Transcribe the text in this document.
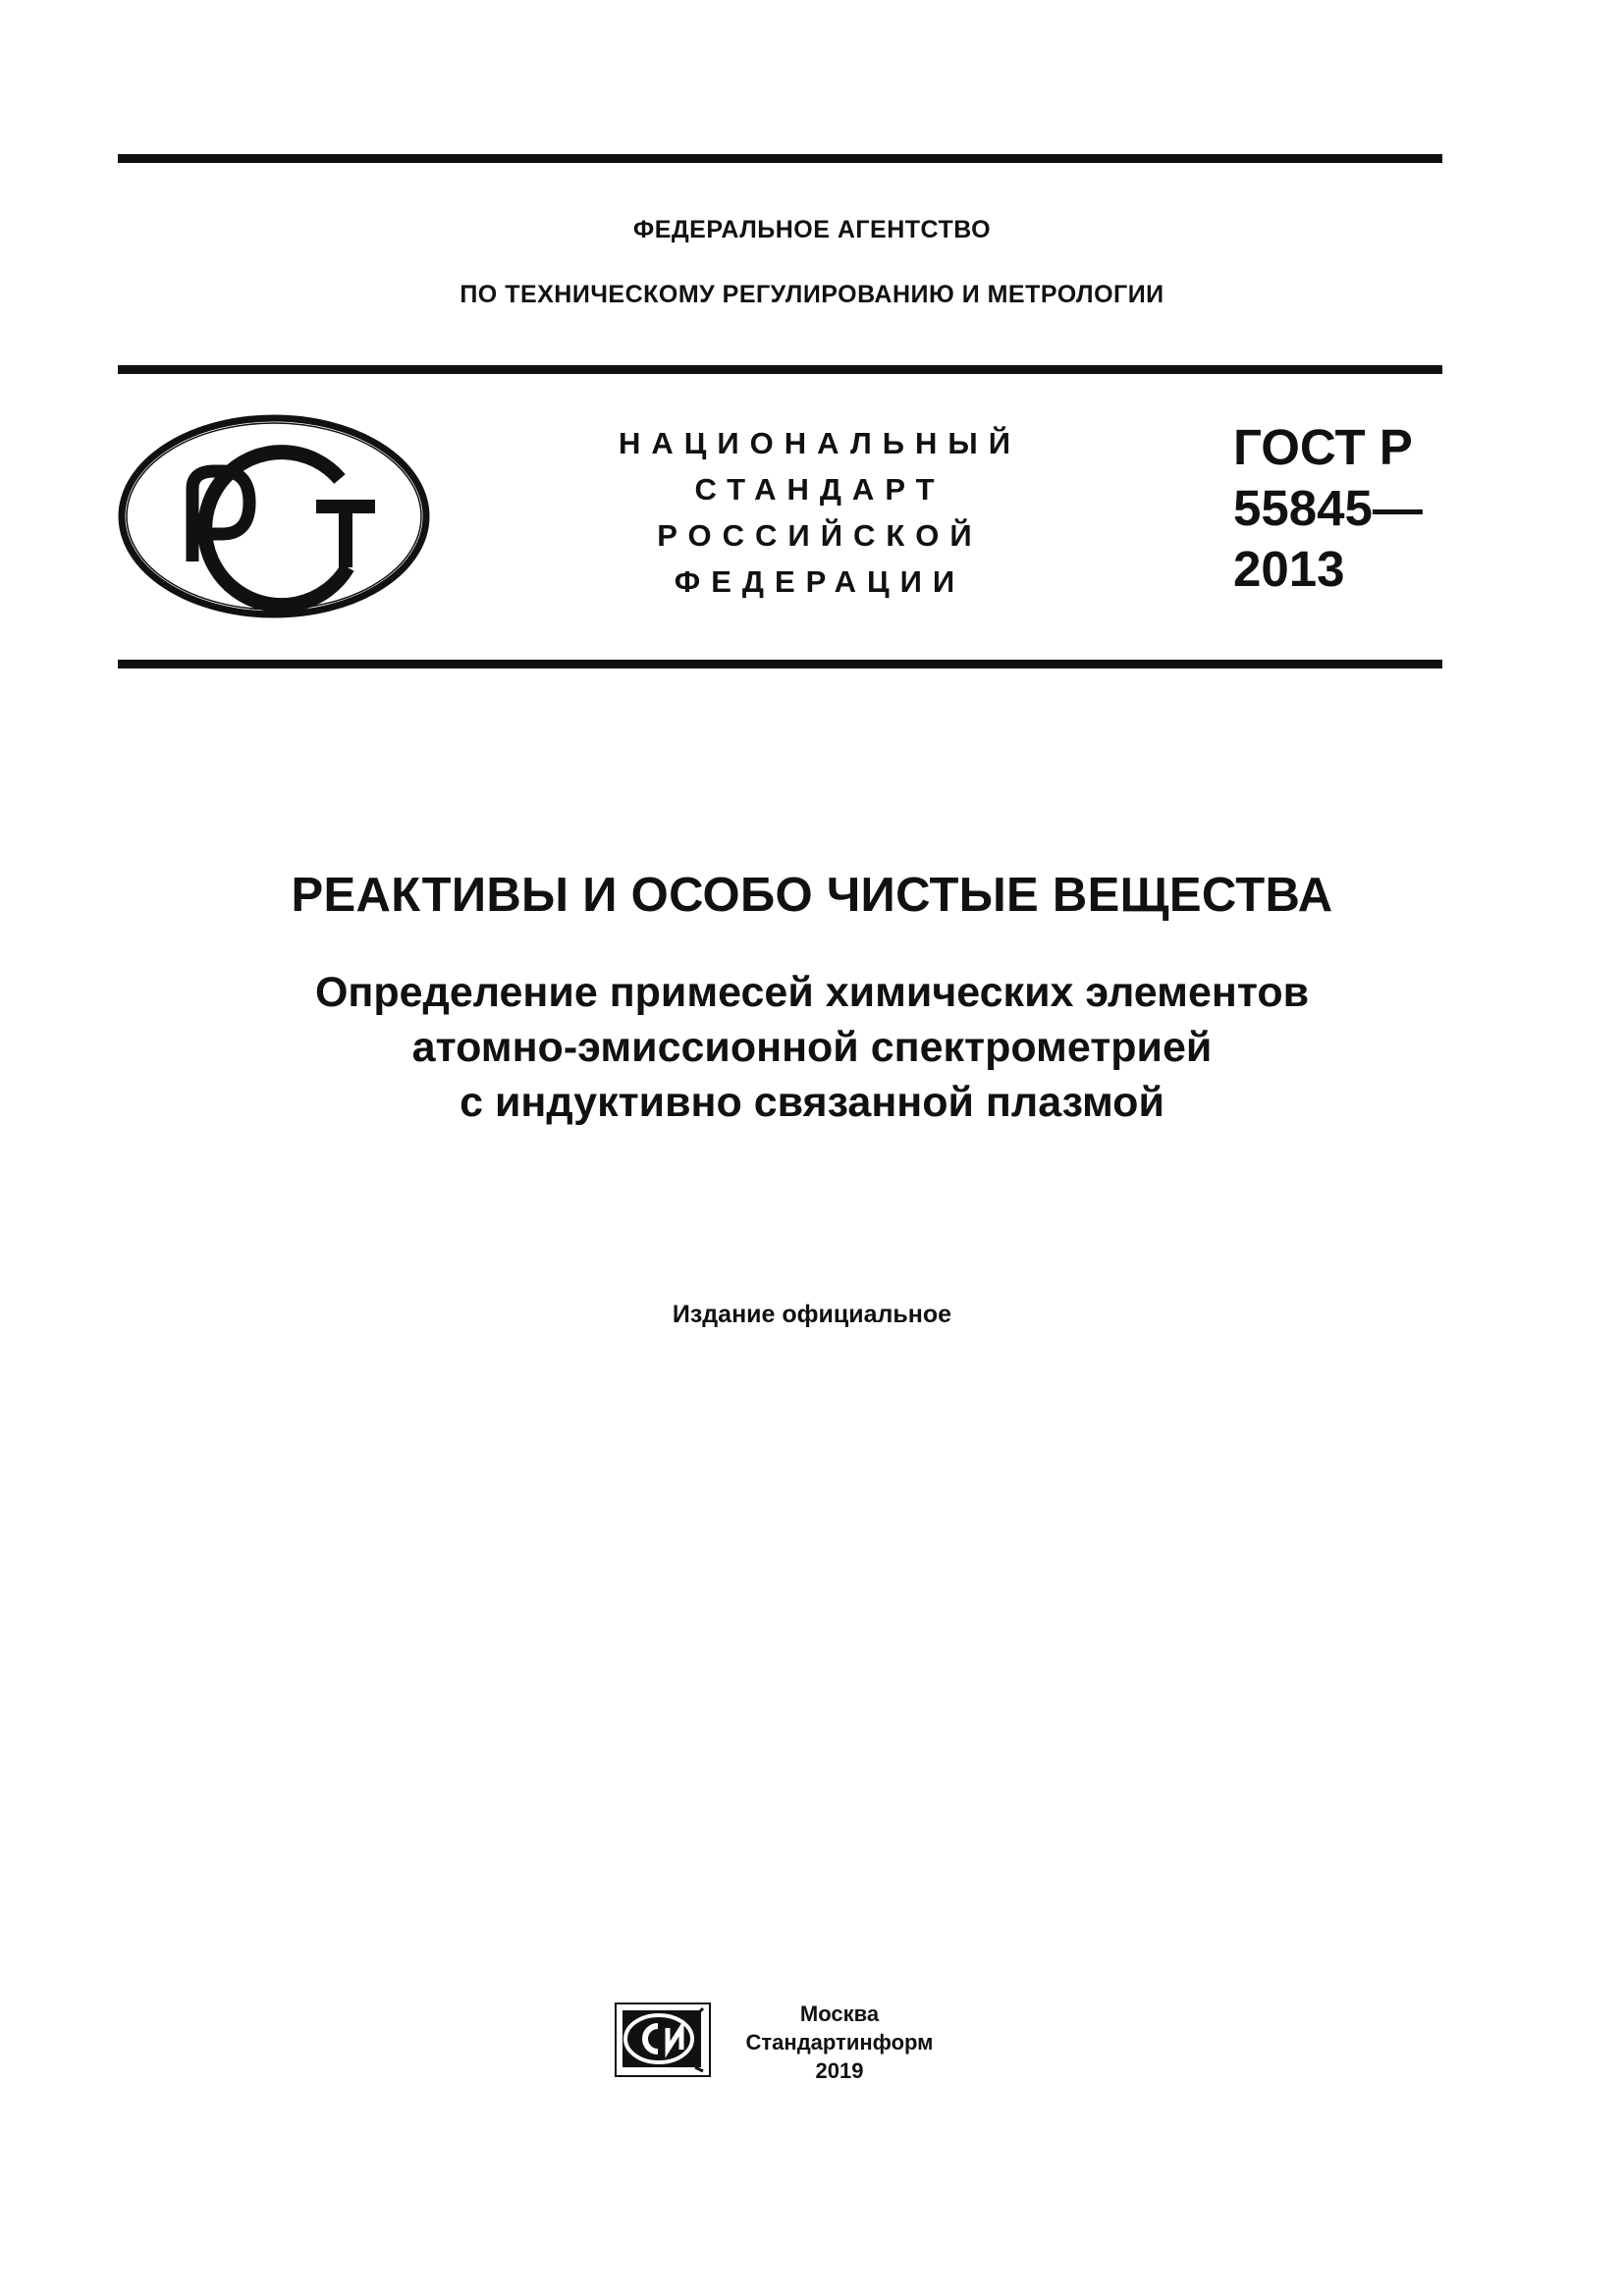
ФЕДЕРАЛЬНОЕ АГЕНТСТВО
ПО ТЕХНИЧЕСКОМУ РЕГУЛИРОВАНИЮ И МЕТРОЛОГИИ
НАЦИОНАЛЬНЫЙ
СТАНДАРТ
РОССИЙСКОЙ
ФЕДЕРАЦИИ
ГОСТ Р
55845—
2013
РЕАКТИВЫ И ОСОБО ЧИСТЫЕ ВЕЩЕСТВА
Определение примесей химических элементов
атомно-эмиссионной спектрометрией
с индуктивно связанной плазмой
Издание официальное
Москва
Стандартинформ
2019
